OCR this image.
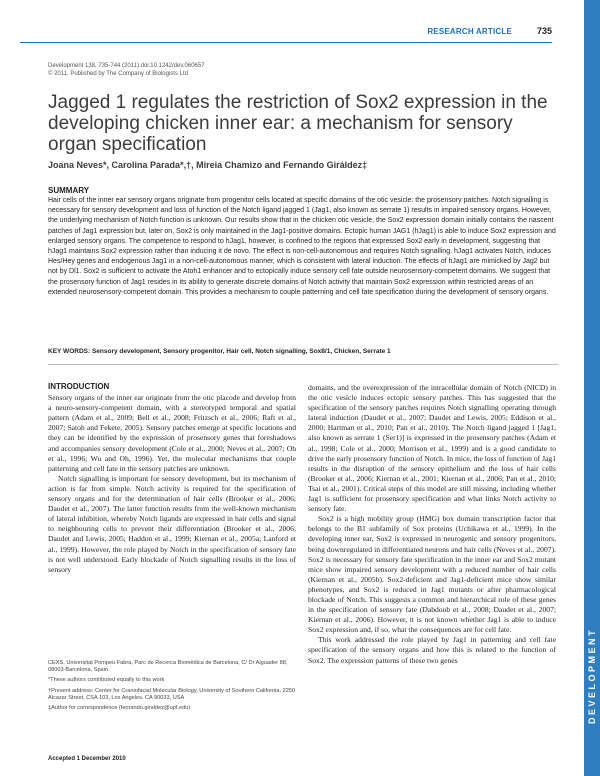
RESEARCH ARTICLE	735
DEVELOPMENT
Development 138, 735-744 (2011) doi:10.1242/dev.060657
© 2011. Published by The Company of Biologists Ltd
Jagged 1 regulates the restriction of Sox2 expression in the developing chicken inner ear: a mechanism for sensory organ specification
Joana Neves*, Carolina Parada*,†, Mireia Chamizo and Fernando Giráldez‡
SUMMARY
Hair cells of the inner ear sensory organs originate from progenitor cells located at specific domains of the otic vesicle: the prosensory patches. Notch signalling is necessary for sensory development and loss of function of the Notch ligand jagged 1 (Jag1, also known as serrate 1) results in impaired sensory organs. However, the underlying mechanism of Notch function is unknown. Our results show that in the chicken otic vesicle, the Sox2 expression domain initially contains the nascent patches of Jag1 expression but, later on, Sox2 is only maintained in the Jag1-positive domains. Ectopic human JAG1 (hJag1) is able to induce Sox2 expression and enlarged sensory organs. The competence to respond to hJag1, however, is confined to the regions that expressed Sox2 early in development, suggesting that hJag1 maintains Sox2 expression rather than inducing it de novo. The effect is non-cell-autonomous and requires Notch signalling. hJag1 activates Notch, induces Hes/Hey genes and endogenous Jag1 in a non-cell-autonomous manner, which is consistent with lateral induction. The effects of hJag1 are mimicked by Jag2 but not by Dl1. Sox2 is sufficient to activate the Atoh1 enhancer and to ectopically induce sensory cell fate outside neurosensory-competent domains. We suggest that the prosensory function of Jag1 resides in its ability to generate discrete domains of Notch activity that maintain Sox2 expression within restricted areas of an extended neurosensory-competent domain. This provides a mechanism to couple patterning and cell fate specification during the development of sensory organs.
KEY WORDS: Sensory development, Sensory progenitor, Hair cell, Notch signalling, Sox8/1, Chicken, Serrate 1
INTRODUCTION

Sensory organs of the inner ear originate from the otic placode and develop from a neuro-sensory-competent domain, with a stereotyped temporal and spatial pattern (Adam et al., 2009; Bell et al., 2008; Fritzsch et al., 2006; Raft et al., 2007; Satoh and Fekete, 2005). Sensory patches emerge at specific locations and they can be identified by the expression of prosensory genes that foreshadows and accompanies sensory development (Cole et al., 2000; Neves et al., 2007; Oh et al., 1996; Wu and Oh, 1996). Yet, the molecular mechanisms that couple patterning and cell fate in the sensory patches are unknown.

Notch signalling is important for sensory development, but its mechanism of action is far from simple. Notch activity is required for the specification of sensory organs and for the determination of hair cells (Brooker et al., 2006; Daudet et al., 2007). The latter function results from the well-known mechanism of lateral inhibition, whereby Notch ligands are expressed in hair cells and signal to neighbouring cells to prevent their differentiation (Brooker et al., 2006; Daudet and Lewis, 2005; Haddon et al., 1999; Kiernan et al., 2005a; Lanford et al., 1999). However, the role played by Notch in the specification of sensory fate is not well understood. Early blockade of Notch signalling results in the loss of sensory

domains, and the overexpression of the intracellular domain of Notch (NICD) in the otic vesicle induces ectopic sensory patches. This has suggested that the specification of the sensory patches requires Notch signalling operating through lateral induction (Daudet et al., 2007; Daudet and Lewis, 2005; Eddison et al., 2000; Hartman et al., 2010; Pan et al., 2010). The Notch ligand jagged 1 [Jag1, also known as serrate 1 (Ser1)] is expressed in the prosensory patches (Adam et al., 1998; Cole et al., 2000; Morrison et al., 1999) and is a good candidate to drive the early prosensory function of Notch. In mice, the loss of function of Jag1 results in the disruption of the sensory epithelium and the loss of hair cells (Brooker et al., 2006; Kiernan et al., 2001; Kiernan et al., 2006; Pan et al., 2010; Tsai et al., 2001). Critical steps of this model are still missing, including whether Jag1 is sufficient for prosensory specification and what links Notch activity to sensory fate.

Sox2 is a high mobility group (HMG) box domain transcription factor that belongs to the B1 subfamily of Sox proteins (Uchikawa et al., 1999). In the developing inner ear, Sox2 is expressed in neurogenic and sensory progenitors, being downregulated in differentiated neurons and hair cells (Neves et al., 2007). Sox2 is necessary for sensory fate specification in the inner ear and Sox2 mutant mice show impaired sensory development with a reduced number of hair cells (Kiernan et al., 2005b). Sox2-deficient and Jag1-deficient mice show similar phenotypes, and Sox2 is reduced in Jag1 mutants or after pharmacological blockade of Notch. This suggests a common and hierarchical role of these genes in the specification of sensory fate (Dabdoub et al., 2008; Daudet et al., 2007; Kiernan et al., 2006). However, it is not known whether Jag1 is able to induce Sox2 expression and, if so, what the consequences are for cell fate.

This work addressed the role played by Jag1 in patterning and cell fate specification of the sensory organs and how this is related to the function of Sox2. The expression patterns of these two genes

CEXS, Universitat Pompeu Fabra, Parc de Recerca Biomèdica de Barcelona, C/ Dr Aiguader 88, 08003-Barcelona, Spain.
*These authors contributed equally to this work
†Present address: Center for Craniofacial Molecular Biology, University of Southern California, 2250 Alcazar Street, CSA 103, Los Angeles, CA 90033, USA
‡Author for correspondence (fernando.giraldez@upf.edu)
Accepted 1 December 2010
